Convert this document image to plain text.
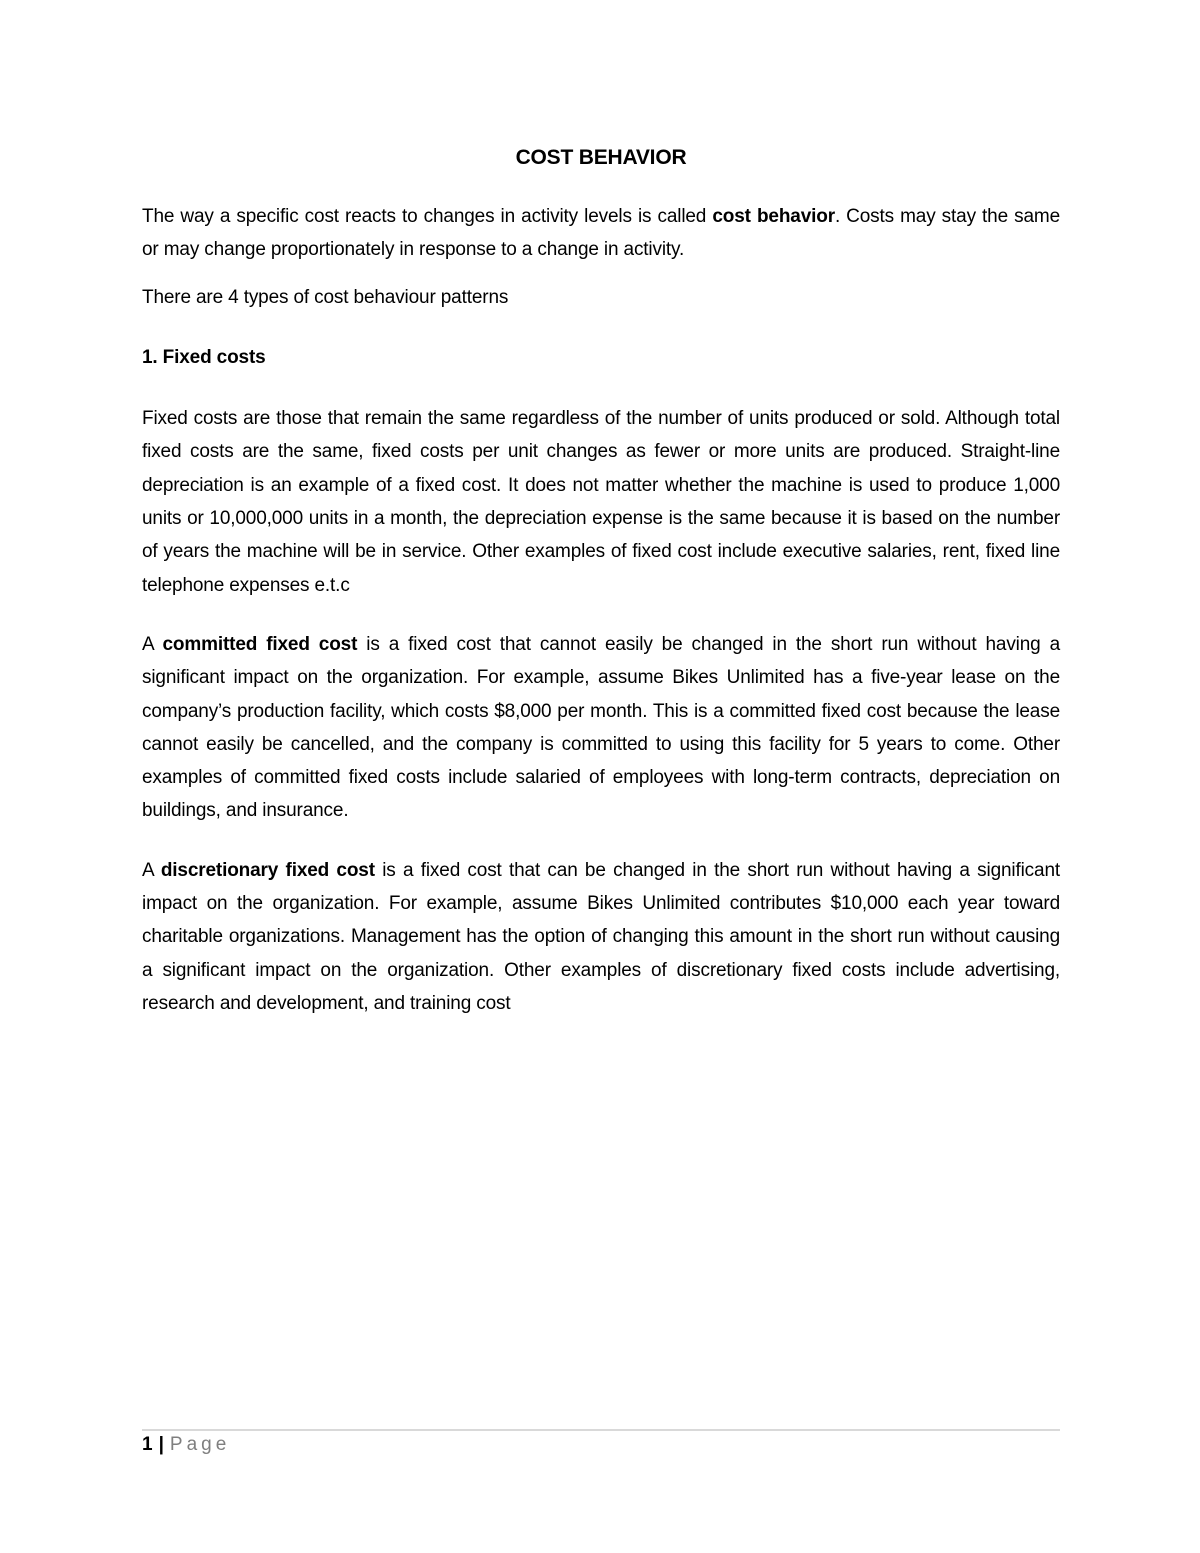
COST BEHAVIOR

The way a specific cost reacts to changes in activity levels is called cost behavior. Costs may stay the same or may change proportionately in response to a change in activity.

There are 4 types of cost behaviour patterns

1. Fixed costs

Fixed costs are those that remain the same regardless of the number of units produced or sold. Although total fixed costs are the same, fixed costs per unit changes as fewer or more units are produced. Straight-line depreciation is an example of a fixed cost. It does not matter whether the machine is used to produce 1,000 units or 10,000,000 units in a month, the depreciation expense is the same because it is based on the number of years the machine will be in service. Other examples of fixed cost include executive salaries, rent, fixed line telephone expenses e.t.c

A committed fixed cost is a fixed cost that cannot easily be changed in the short run without having a significant impact on the organization. For example, assume Bikes Unlimited has a five-year lease on the company’s production facility, which costs $8,000 per month. This is a committed fixed cost because the lease cannot easily be cancelled, and the company is committed to using this facility for 5 years to come. Other examples of committed fixed costs include salaried of employees with long-term contracts, depreciation on buildings, and insurance.

A discretionary fixed cost is a fixed cost that can be changed in the short run without having a significant impact on the organization. For example, assume Bikes Unlimited contributes $10,000 each year toward charitable organizations. Management has the option of changing this amount in the short run without causing a significant impact on the organization. Other examples of discretionary fixed costs include advertising, research and development, and training cost

1 | Page
